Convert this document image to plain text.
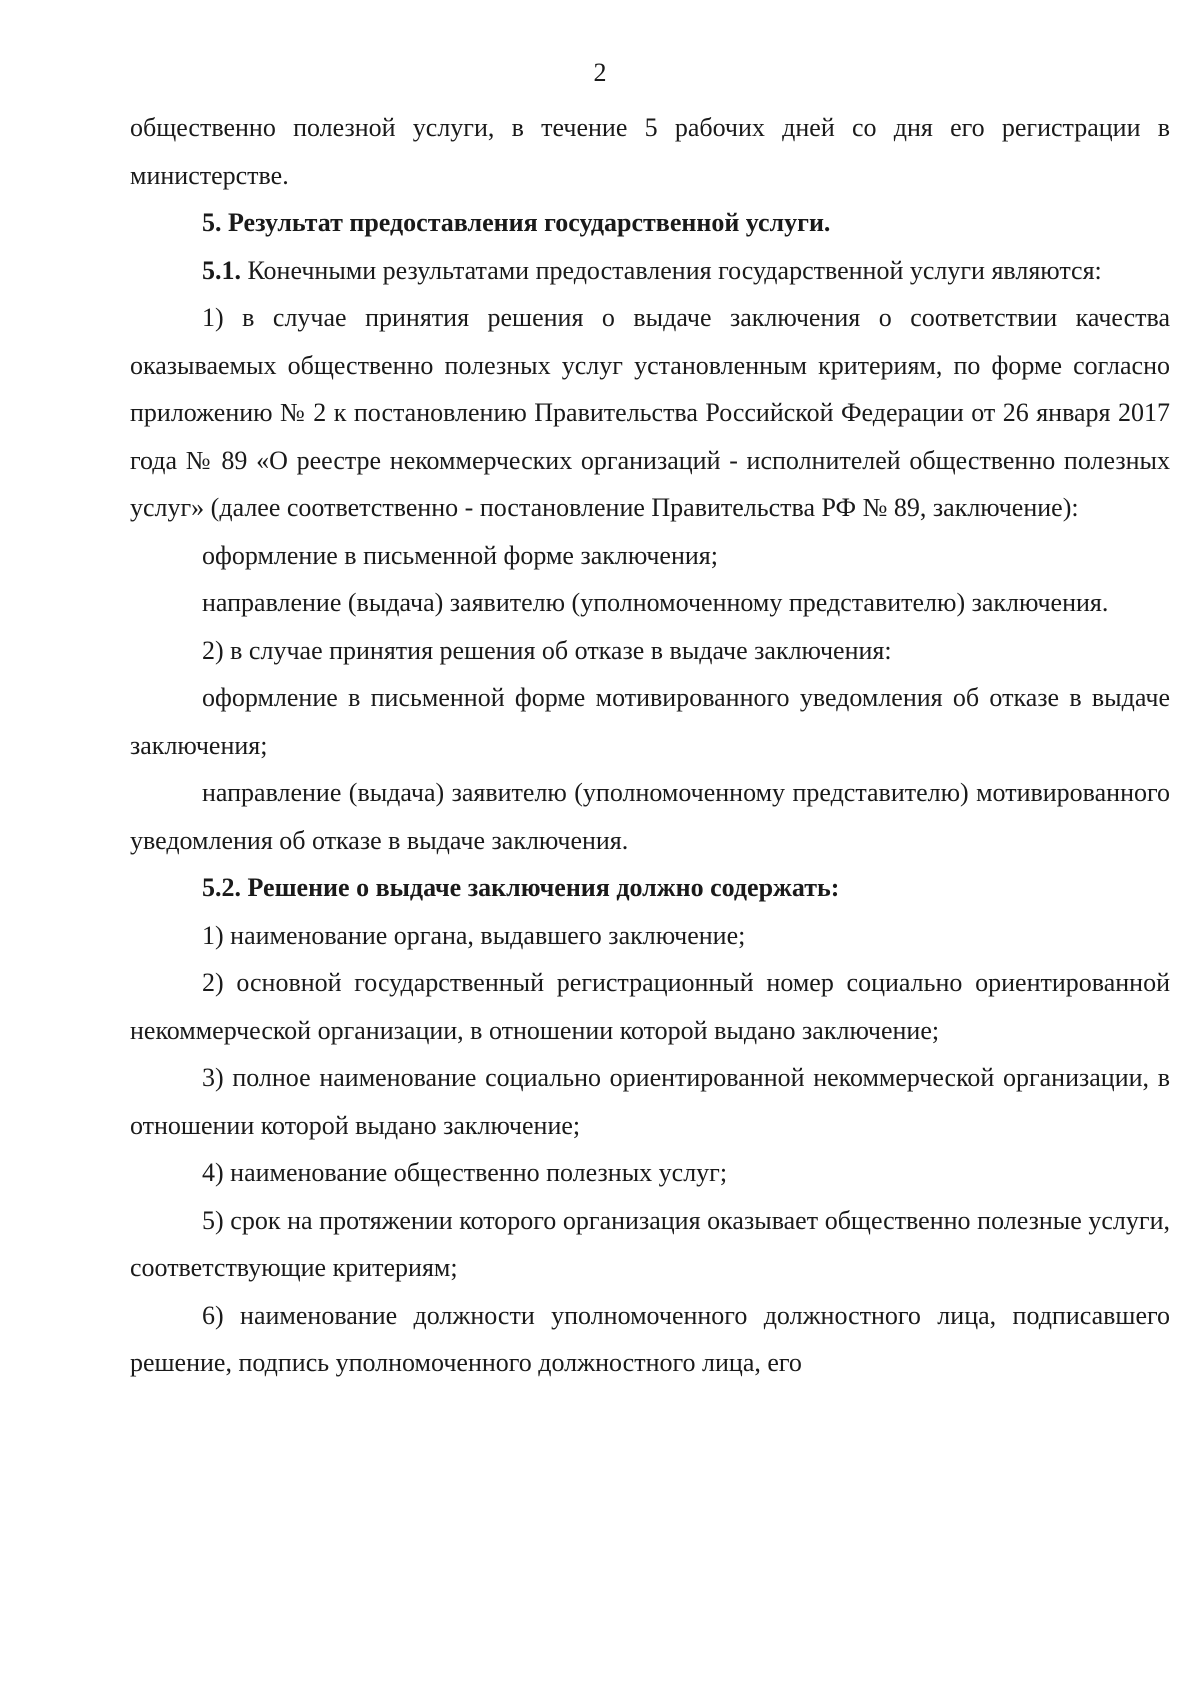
2

общественно полезной услуги, в течение 5 рабочих дней со дня его регистрации в министерстве.

5. Результат предоставления государственной услуги.

5.1. Конечными результатами предоставления государственной услуги являются:

1) в случае принятия решения о выдаче заключения о соответствии качества оказываемых общественно полезных услуг установленным критериям, по форме согласно приложению № 2 к постановлению Правительства Российской Федерации от 26 января 2017 года № 89 «О реестре некоммерческих организаций - исполнителей общественно полезных услуг» (далее соответственно - постановление Правительства РФ № 89, заключение):

оформление в письменной форме заключения;

направление (выдача) заявителю (уполномоченному представителю) заключения.

2) в случае принятия решения об отказе в выдаче заключения:

оформление в письменной форме мотивированного уведомления об отказе в выдаче заключения;

направление (выдача) заявителю (уполномоченному представителю) мотивированного уведомления об отказе в выдаче заключения.

5.2. Решение о выдаче заключения должно содержать:

1) наименование органа, выдавшего заключение;

2) основной государственный регистрационный номер социально ориентированной некоммерческой организации, в отношении которой выдано заключение;

3) полное наименование социально ориентированной некоммерческой организации, в отношении которой выдано заключение;

4) наименование общественно полезных услуг;

5) срок на протяжении которого организация оказывает общественно полезные услуги, соответствующие критериям;

6) наименование должности уполномоченного должностного лица, подписавшего решение, подпись уполномоченного должностного лица, его
